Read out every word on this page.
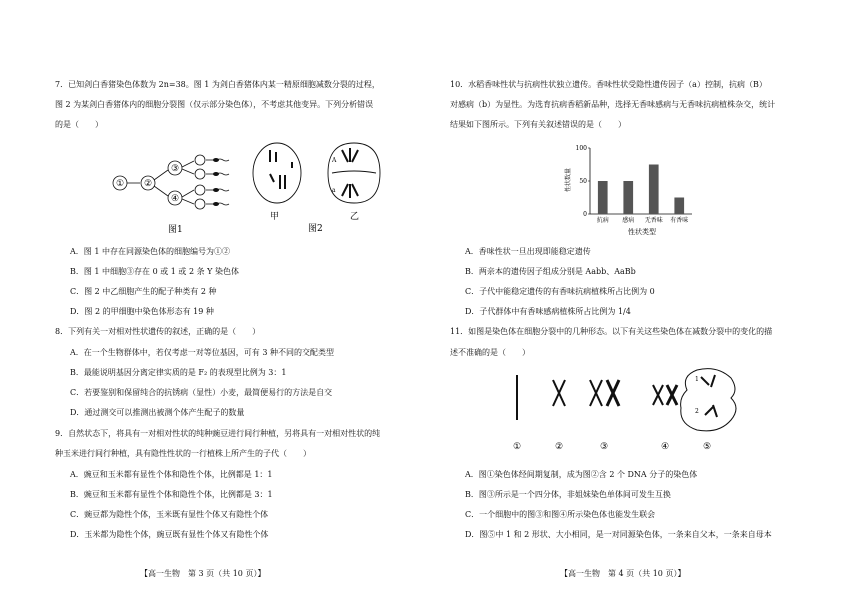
7．已知剑白香猪染色体数为 2n=38。图 1 为剑白香猪体内某一精原细胞减数分裂的过程，
图 2 为某剑白香猪体内的细胞分裂图（仅示部分染色体），不考虑其他变异。下列分析错误
的是（　　）
① ②
③
④
图1
甲
A
a
乙
图2
A．图 1 中存在同源染色体的细胞编号为①②
B．图 1 中细胞③存在 0 或 1 或 2 条 Y 染色体
C．图 2 中乙细胞产生的配子种类有 2 种
D．图 2 的甲细胞中染色体形态有 19 种
8．下列有关一对相对性状遗传的叙述，正确的是（　　）
A．在一个生物群体中，若仅考虑一对等位基因，可有 3 种不同的交配类型
B．最能说明基因分离定律实质的是 F₂ 的表现型比例为 3：1
C．若要鉴别和保留纯合的抗锈病（显性）小麦，最简便易行的方法是自交
D．通过测交可以推测出被测个体产生配子的数量
9．自然状态下，将具有一对相对性状的纯种豌豆进行间行种植，另将具有一对相对性状的纯
种玉米进行间行种植，具有隐性性状的一行植株上所产生的子代（　　）
A．豌豆和玉米都有显性个体和隐性个体，比例都是 1：1
B．豌豆和玉米都有显性个体和隐性个体，比例都是 3：1
C．豌豆都为隐性个体，玉米既有显性个体又有隐性个体
D．玉米都为隐性个体，豌豆既有显性个体又有隐性个体
【高一生物　第 3 页（共 10 页）】
10．水稻香味性状与抗病性状独立遗传。香味性状受隐性遗传因子（a）控制，抗病（B）
对感病（b）为显性。为选育抗病香稻新品种，选择无香味感病与无香味抗病植株杂交，统计
结果如下图所示。下列有关叙述错误的是（　　）
性状数量
性状类型
0
50
100
抗病 感病 无香味 有香味
A．香味性状一旦出现即能稳定遗传
B．两亲本的遗传因子组成分别是 Aabb、AaBb
C．子代中能稳定遗传的有香味抗病植株所占比例为 0
D．子代群体中有香味感病植株所占比例为 1/4
11．如图是染色体在细胞分裂中的几种形态。以下有关这些染色体在减数分裂中的变化的描
述不准确的是（　　）
1
2
①	②	③	④	⑤
A．图①染色体经间期复制，成为图②含 2 个 DNA 分子的染色体
B．图③所示是一个四分体，非姐妹染色单体间可发生互换
C．一个细胞中的图③和图④所示染色体也能发生联会
D．图⑤中 1 和 2 形状、大小相同，是一对同源染色体，一条来自父本，一条来自母本
【高一生物　第 4 页（共 10 页）】
